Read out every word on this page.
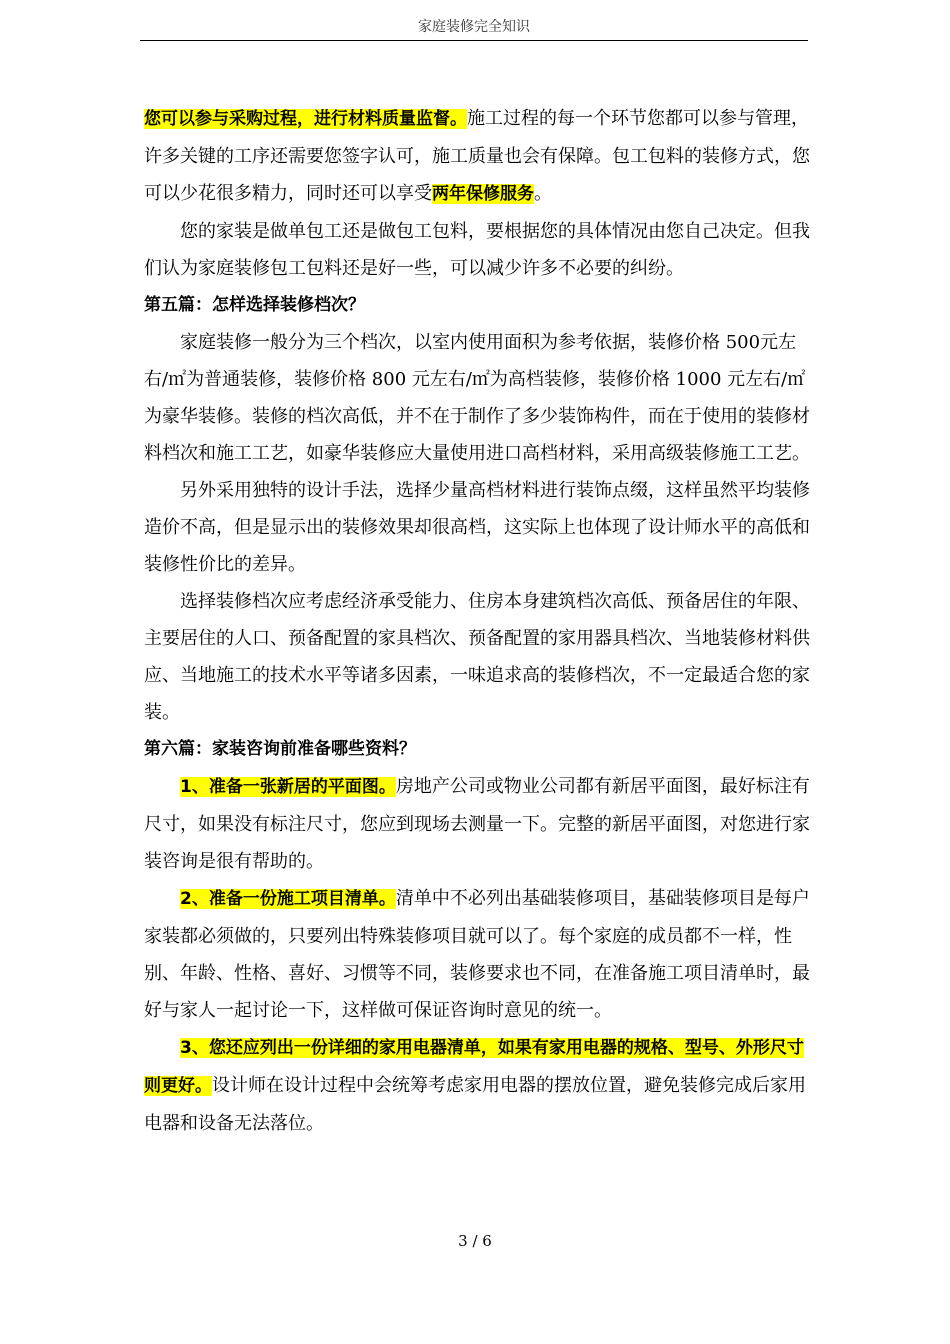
家庭装修完全知识

您可以参与采购过程，进行材料质量监督。施工过程的每一个环节您都可以参与管理，许多关键的工序还需要您签字认可，施工质量也会有保障。包工包料的装修方式，您可以少花很多精力，同时还可以享受两年保修服务。

您的家装是做单包工还是做包工包料，要根据您的具体情况由您自己决定。但我们认为家庭装修包工包料还是好一些，可以减少许多不必要的纠纷。

第五篇：怎样选择装修档次？

家庭装修一般分为三个档次，以室内使用面积为参考依据，装修价格 500元左右/㎡为普通装修，装修价格 800 元左右/㎡为高档装修，装修价格 1000 元左右/㎡为豪华装修。装修的档次高低，并不在于制作了多少装饰构件，而在于使用的装修材料档次和施工工艺，如豪华装修应大量使用进口高档材料，采用高级装修施工工艺。

另外采用独特的设计手法，选择少量高档材料进行装饰点缀，这样虽然平均装修造价不高，但是显示出的装修效果却很高档，这实际上也体现了设计师水平的高低和装修性价比的差异。

选择装修档次应考虑经济承受能力、住房本身建筑档次高低、预备居住的年限、主要居住的人口、预备配置的家具档次、预备配置的家用器具档次、当地装修材料供应、当地施工的技术水平等诸多因素，一味追求高的装修档次，不一定最适合您的家装。

第六篇：家装咨询前准备哪些资料？

1、准备一张新居的平面图。房地产公司或物业公司都有新居平面图，最好标注有尺寸，如果没有标注尺寸，您应到现场去测量一下。完整的新居平面图，对您进行家装咨询是很有帮助的。

2、准备一份施工项目清单。清单中不必列出基础装修项目，基础装修项目是每户家装都必须做的，只要列出特殊装修项目就可以了。每个家庭的成员都不一样，性别、年龄、性格、喜好、习惯等不同，装修要求也不同，在准备施工项目清单时，最好与家人一起讨论一下，这样做可保证咨询时意见的统一。

3、您还应列出一份详细的家用电器清单，如果有家用电器的规格、型号、外形尺寸则更好。设计师在设计过程中会统筹考虑家用电器的摆放位置，避免装修完成后家用电器和设备无法落位。

3 / 6
